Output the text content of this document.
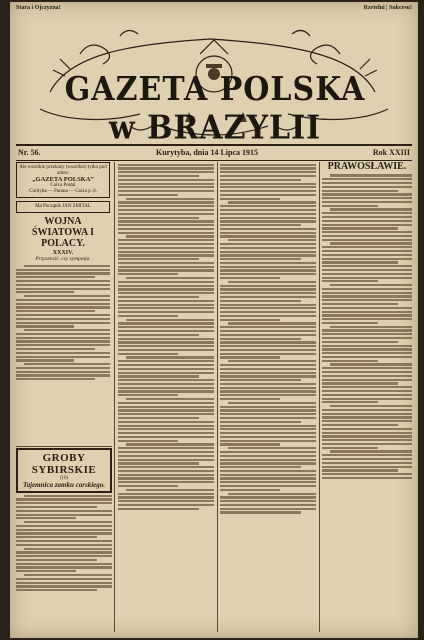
Stara i Ojczyzna!	Rzetelni | Sukcesu!
GAZETA POLSKA w BRAZYLII
Nr. 56.	Kurytyba, dnia 14 Lipca 1915	Rok XXIII
Ale wszelkie przekazy (wszelkie) tylko pod adres:
„GAZETA POLSKA”
Caixa Postal
Curityba — Parana — Caixa p. 8.
Ma Początek JAN SMITAL
WOJNA ŚWIATOWA I POLACY.
XXXIV.
Przysztość, czy sympatja.
GROBY SYBIRSKIE
(10)
Tajemnica zamku carskiego.
PRAWOSŁAWIE.
